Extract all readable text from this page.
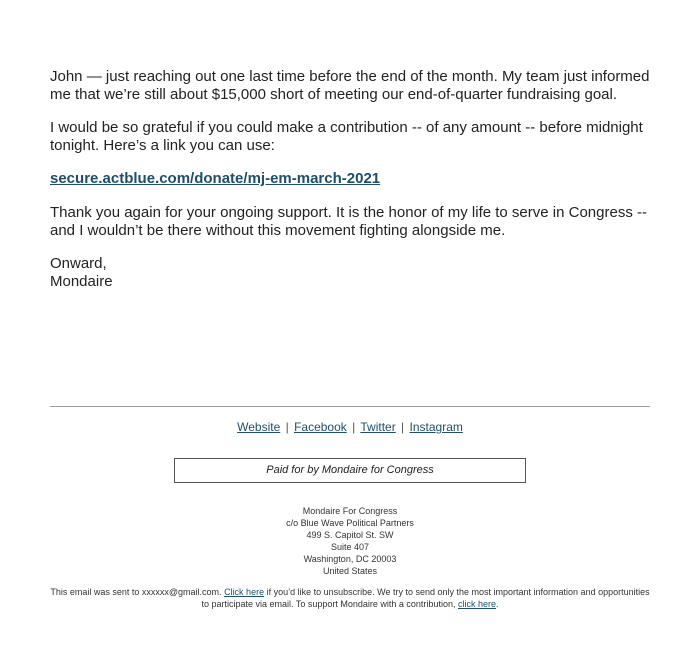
John — just reaching out one last time before the end of the month. My team just informed me that we’re still about $15,000 short of meeting our end-of-quarter fundraising goal.

I would be so grateful if you could make a contribution -- of any amount -- before midnight tonight. Here’s a link you can use:

secure.actblue.com/donate/mj-em-march-2021

Thank you again for your ongoing support. It is the honor of my life to serve in Congress -- and I wouldn’t be there without this movement fighting alongside me.

Onward,
Mondaire
Website | Facebook | Twitter | Instagram
Paid for by Mondaire for Congress
Mondaire For Congress
c/o Blue Wave Political Partners
499 S. Capitol St. SW
Suite 407
Washington, DC 20003
United States
This email was sent to xxxxxx@gmail.com. Click here if you’d like to unsubscribe. We try to send only the most important information and opportunities to participate via email. To support Mondaire with a contribution, click here.
